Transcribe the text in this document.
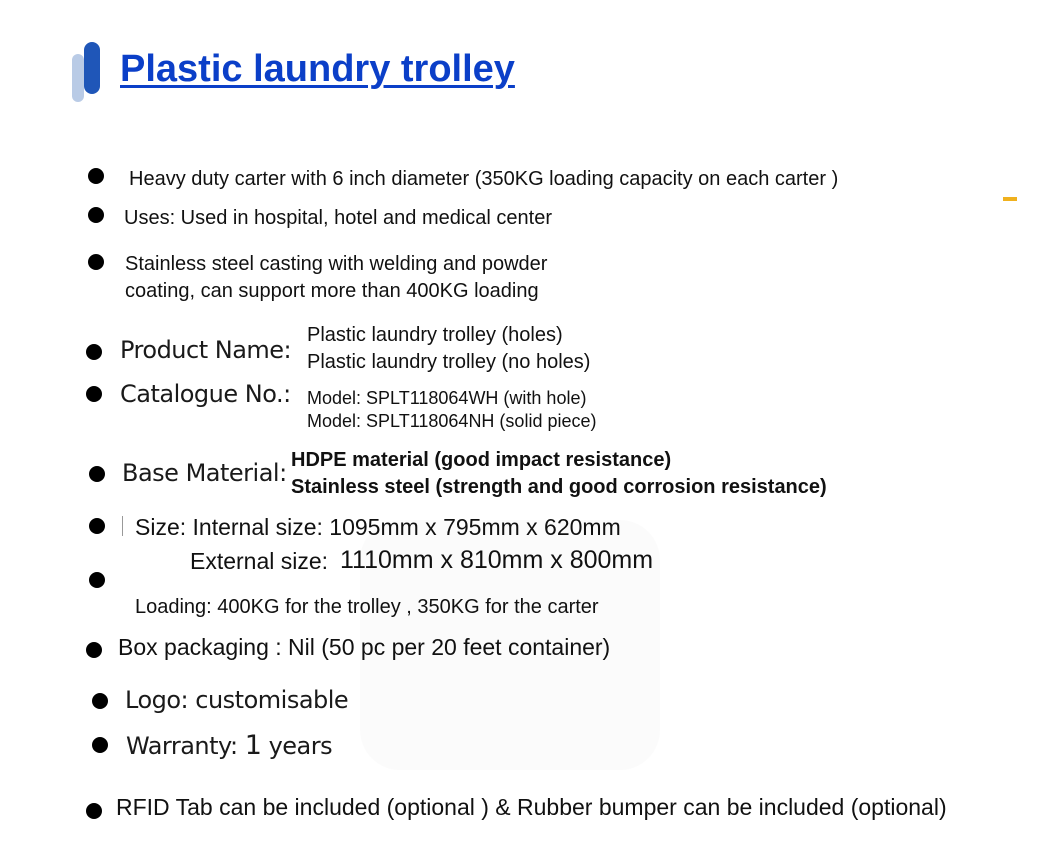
Plastic laundry trolley

Heavy duty carter with 6 inch diameter (350KG loading capacity on each carter )

Uses: Used in hospital, hotel and medical center

Stainless steel casting with welding and powder

coating, can support more than 400KG loading

Product Name:

Plastic laundry trolley (holes)

Plastic laundry trolley (no holes)

Catalogue No.: Model: SPLT118064WH (with hole)

Model: SPLT118064NH (solid piece)

Base Material: HDPE material (good impact resistance)

Stainless steel (strength and good corrosion resistance)

Size: Internal size: 1095mm x 795mm x 620mm

External size: 1110mm x 810mm x 800mm

Loading: 400KG for the trolley , 350KG for the carter

Box packaging : Nil (50 pc per 20 feet container)

Logo: customisable

Warranty: 1 years

RFID Tab can be included (optional ) & Rubber bumper can be included (optional)
